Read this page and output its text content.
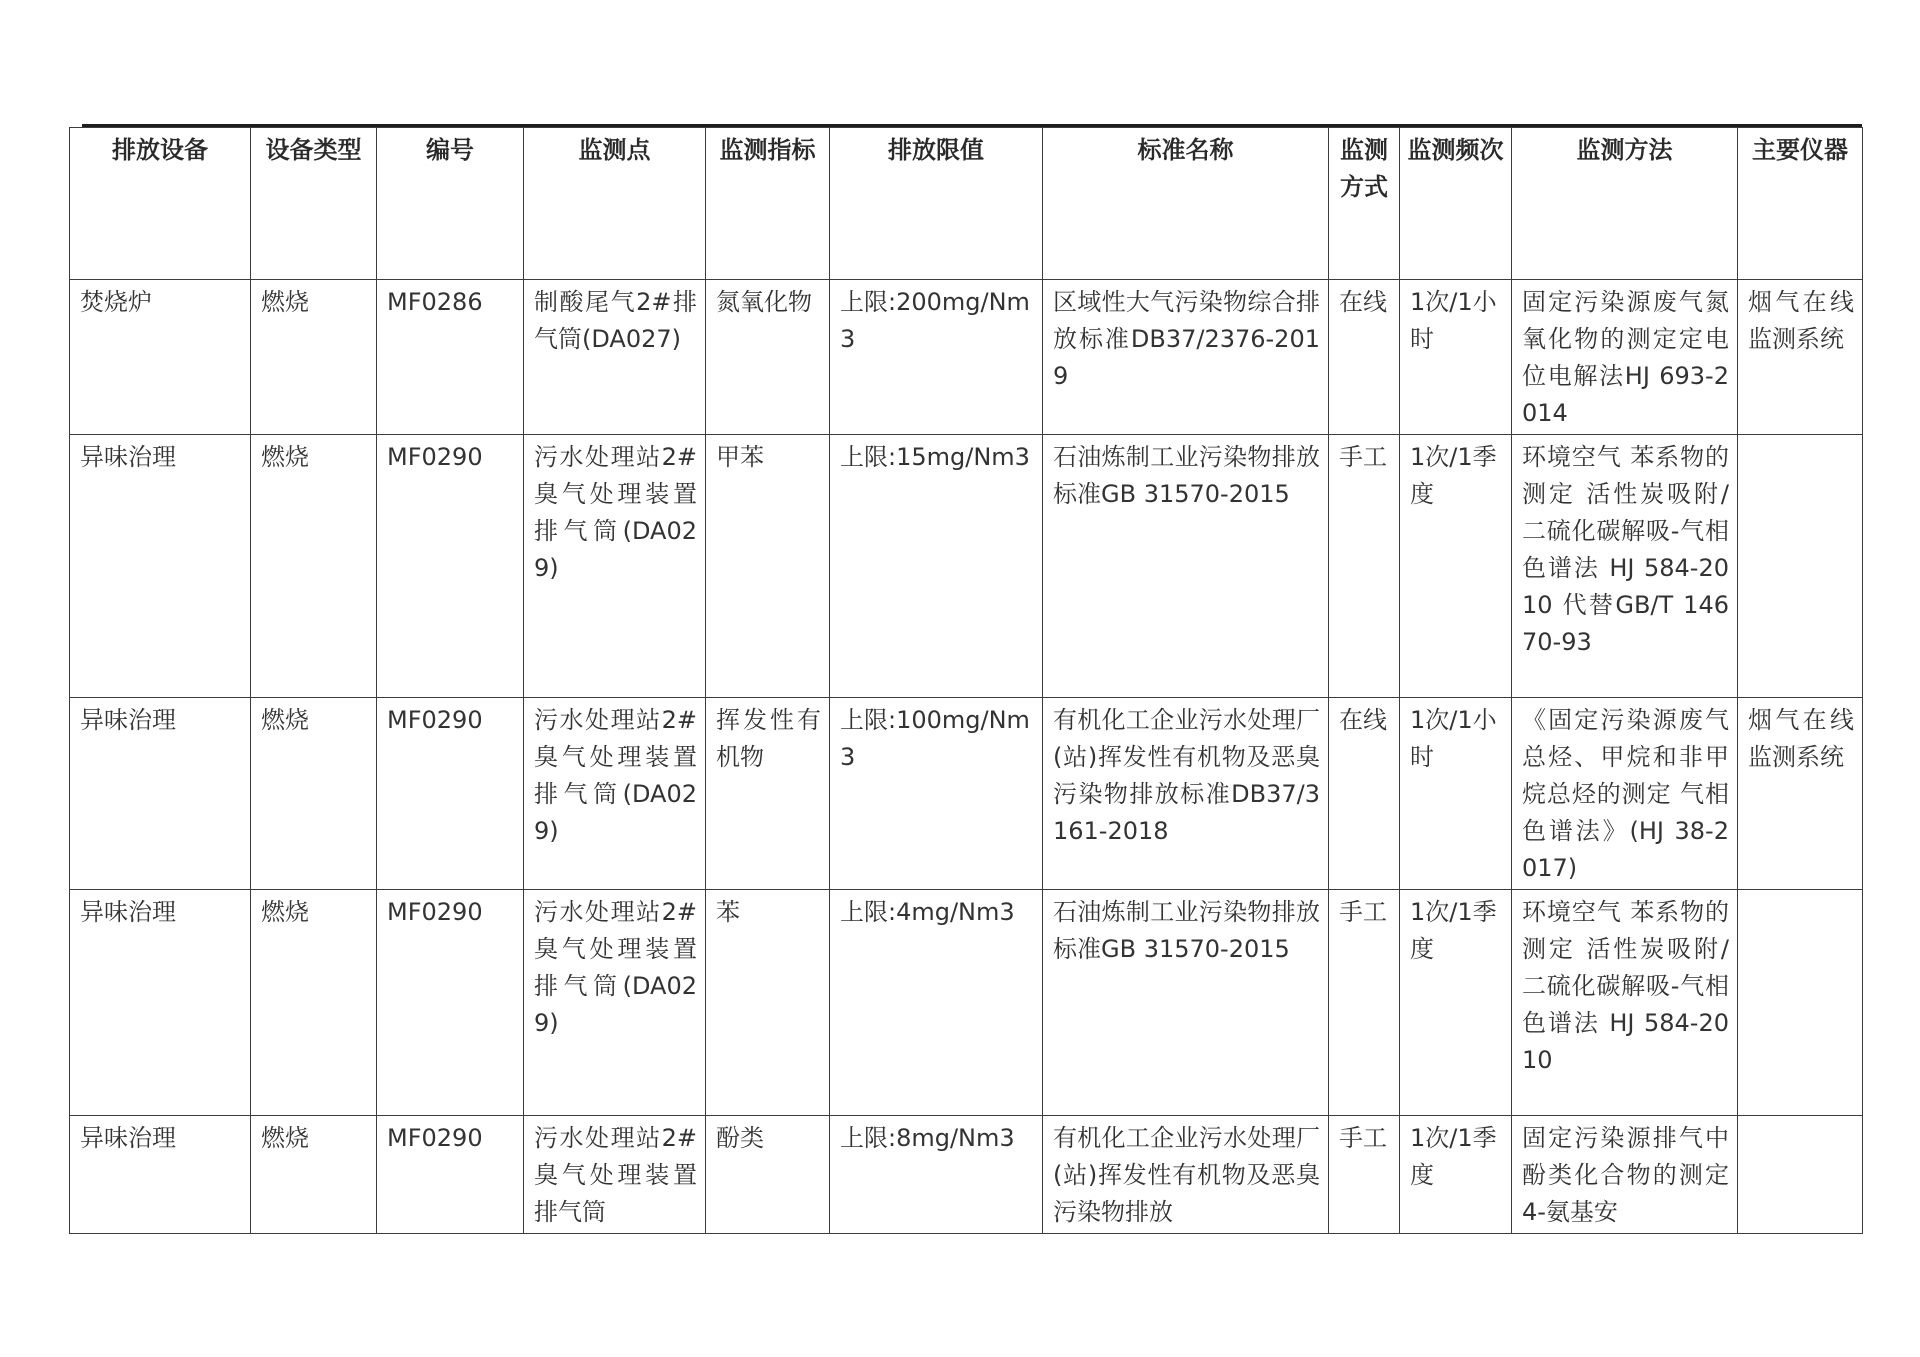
排放设备	设备类型	编号	监测点	监测指标	排放限值	标准名称	监测方式	监测频次	监测方法	主要仪器
焚烧炉	燃烧	MF0286	制酸尾气2#排气筒(DA027)	氮氧化物	上限:200mg/Nm3	区域性大气污染物综合排放标准DB37/2376-2019	在线	1次/1小时	固定污染源废气氮氧化物的测定定电位电解法HJ 693-2014	烟气在线监测系统

异味治理	燃烧	MF0290	污水处理站2#臭气处理装置排气筒(DA029)	甲苯	上限:15mg/Nm3	石油炼制工业污染物排放标准GB 31570-2015	手工	1次/1季度	环境空气 苯系物的测定 活性炭吸附/二硫化碳解吸-气相色谱法 HJ 584-2010 代替GB/T 14670-93	

异味治理	燃烧	MF0290	污水处理站2#臭气处理装置排气筒(DA029)	挥发性有机物	上限:100mg/Nm3	有机化工企业污水处理厂(站)挥发性有机物及恶臭污染物排放标准DB37/3161-2018	在线	1次/1小时	《固定污染源废气 总烃、甲烷和非甲烷总烃的测定 气相色谱法》(HJ 38-2017)	烟气在线监测系统

异味治理	燃烧	MF0290	污水处理站2#臭气处理装置排气筒(DA029)	苯	上限:4mg/Nm3	石油炼制工业污染物排放标准GB 31570-2015	手工	1次/1季度	环境空气 苯系物的测定 活性炭吸附/二硫化碳解吸-气相色谱法 HJ 584-2010	

异味治理	燃烧	MF0290	污水处理站2#臭气处理装置排气筒	酚类	上限:8mg/Nm3	有机化工企业污水处理厂(站)挥发性有机物及恶臭污染物排放	手工	1次/1季度	固定污染源排气中酚类化合物的测定 4-氨基安	
